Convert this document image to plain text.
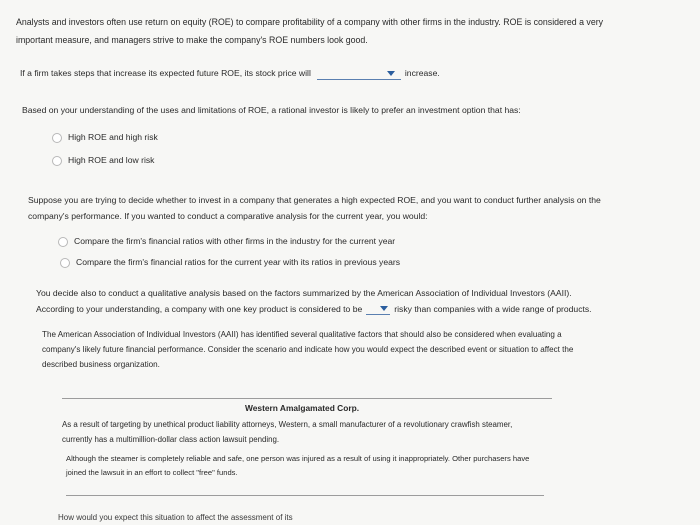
Analysts and investors often use return on equity (ROE) to compare profitability of a company with other firms in the industry. ROE is considered a very important measure, and managers strive to make the company's ROE numbers look good.
If a firm takes steps that increase its expected future ROE, its stock price will	increase.
Based on your understanding of the uses and limitations of ROE, a rational investor is likely to prefer an investment option that has:
High ROE and high risk
High ROE and low risk
Suppose you are trying to decide whether to invest in a company that generates a high expected ROE, and you want to conduct further analysis on the company's performance. If you wanted to conduct a comparative analysis for the current year, you would:
Compare the firm's financial ratios with other firms in the industry for the current year
Compare the firm's financial ratios for the current year with its ratios in previous years
You decide also to conduct a qualitative analysis based on the factors summarized by the American Association of Individual Investors (AAII).
According to your understanding, a company with one key product is considered to be	risky than companies with a wide range of products.
The American Association of Individual Investors (AAII) has identified several qualitative factors that should also be considered when evaluating a company's likely future financial performance. Consider the scenario and indicate how you would expect the described event or situation to affect the described business organization.
Western Amalgamated Corp.
As a result of targeting by unethical product liability attorneys, Western, a small manufacturer of a revolutionary crawfish steamer, currently has a multimillion-dollar class action lawsuit pending.
Although the steamer is completely reliable and safe, one person was injured as a result of using it inappropriately. Other purchasers have joined the lawsuit in an effort to collect "free" funds.
How would you expect this situation to affect the assessment of its
